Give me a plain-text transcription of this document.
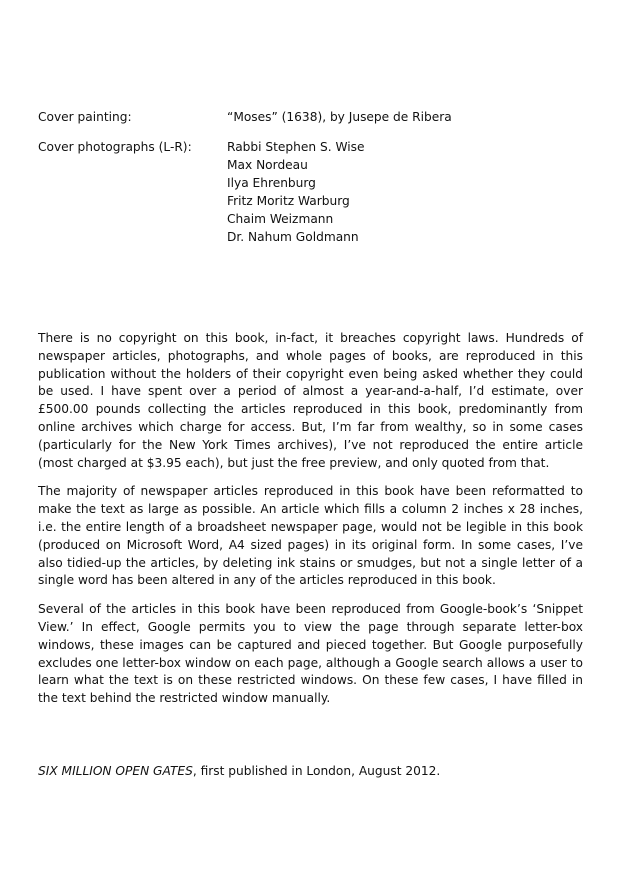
Cover painting:	“Moses” (1638), by Jusepe de Ribera
Cover photographs (L-R):	Rabbi Stephen S. Wise
Max Nordeau
Ilya Ehrenburg
Fritz Moritz Warburg
Chaim Weizmann
Dr. Nahum Goldmann

There is no copyright on this book, in-fact, it breaches copyright laws. Hundreds of newspaper articles, photographs, and whole pages of books, are reproduced in this publication without the holders of their copyright even being asked whether they could be used. I have spent over a period of almost a year-and-a-half, I’d estimate, over £500.00 pounds collecting the articles reproduced in this book, predominantly from online archives which charge for access. But, I’m far from wealthy, so in some cases (particularly for the New York Times archives), I’ve not reproduced the entire article (most charged at $3.95 each), but just the free preview, and only quoted from that.

The majority of newspaper articles reproduced in this book have been reformatted to make the text as large as possible. An article which fills a column 2 inches x 28 inches, i.e. the entire length of a broadsheet newspaper page, would not be legible in this book (produced on Microsoft Word, A4 sized pages) in its original form. In some cases, I’ve also tidied-up the articles, by deleting ink stains or smudges, but not a single letter of a single word has been altered in any of the articles reproduced in this book.

Several of the articles in this book have been reproduced from Google-book’s ‘Snippet View.’ In effect, Google permits you to view the page through separate letter-box windows, these images can be captured and pieced together. But Google purposefully excludes one letter-box window on each page, although a Google search allows a user to learn what the text is on these restricted windows. On these few cases, I have filled in the text behind the restricted window manually.

SIX MILLION OPEN GATES, first published in London, August 2012.
